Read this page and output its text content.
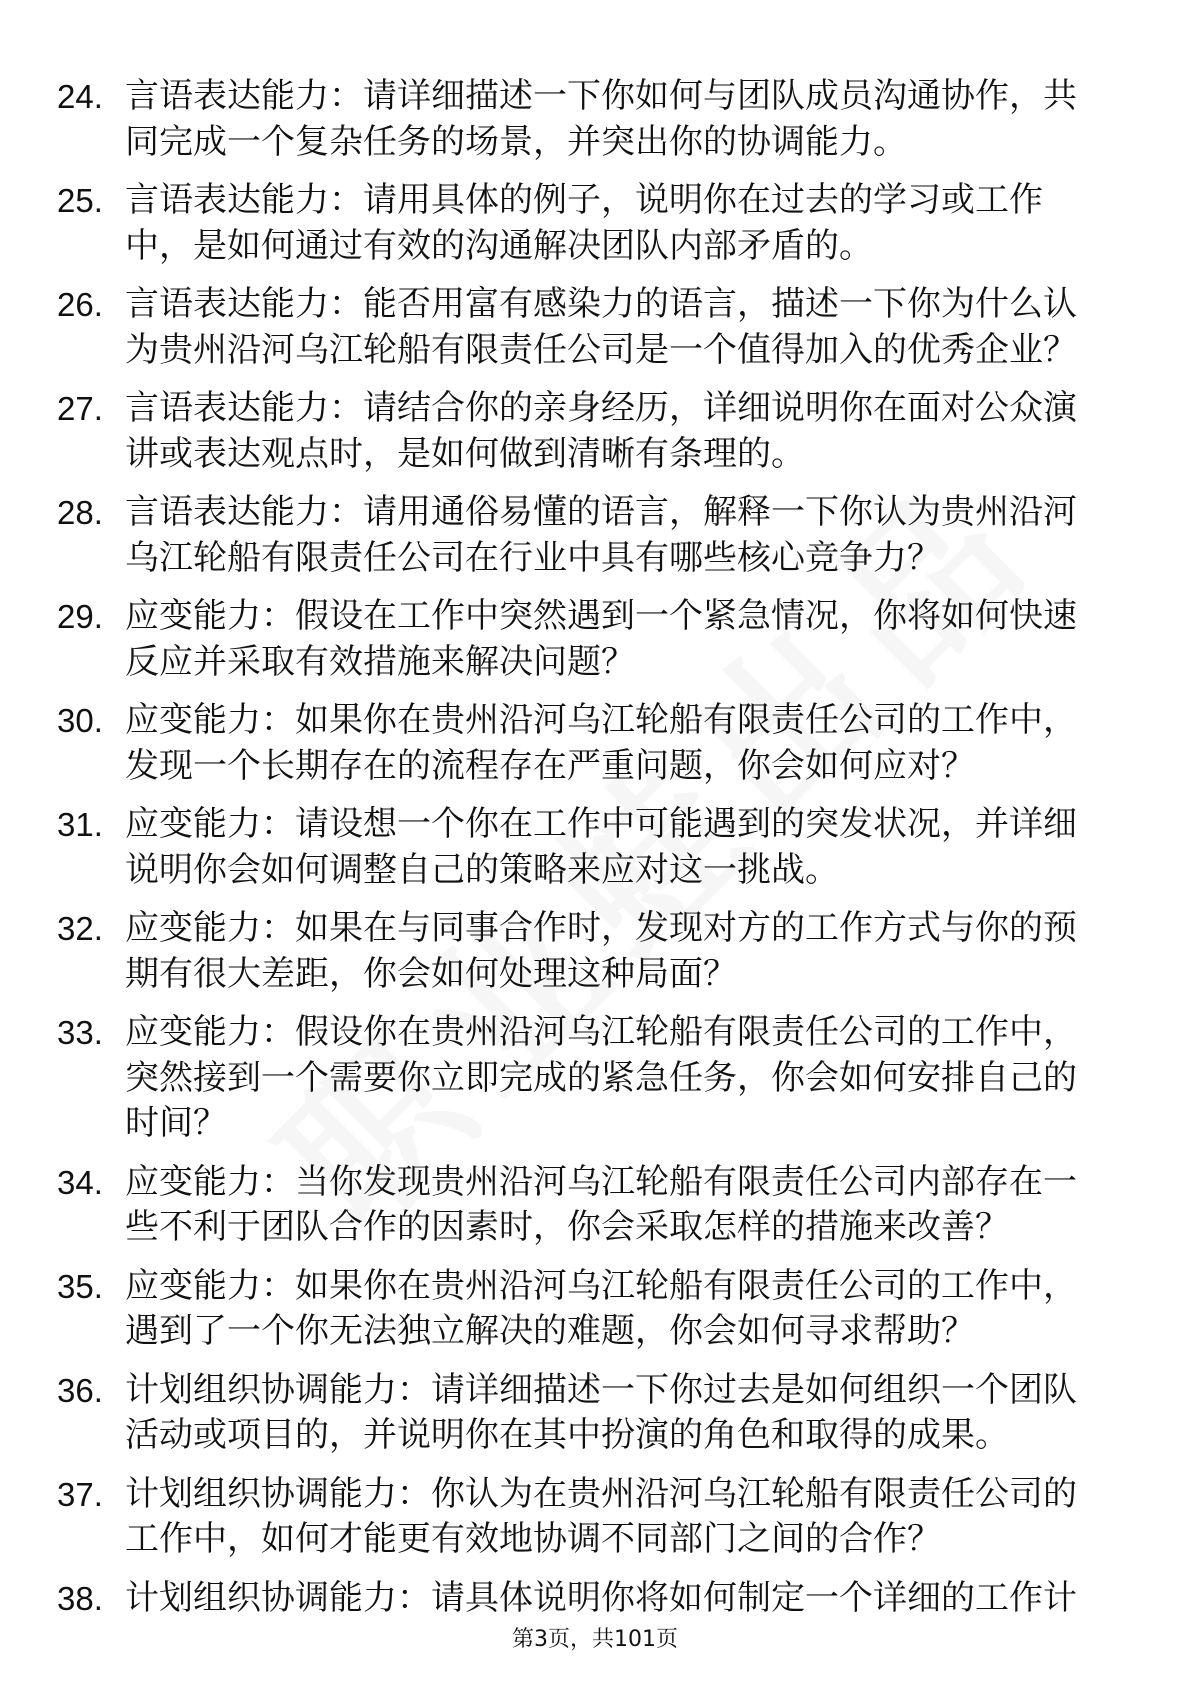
24. 言语表达能力：请详细描述一下你如何与团队成员沟通协作，共同完成一个复杂任务的场景，并突出你的协调能力。
25. 言语表达能力：请用具体的例子，说明你在过去的学习或工作中，是如何通过有效的沟通解决团队内部矛盾的。
26. 言语表达能力：能否用富有感染力的语言，描述一下你为什么认为贵州沿河乌江轮船有限责任公司是一个值得加入的优秀企业？
27. 言语表达能力：请结合你的亲身经历，详细说明你在面对公众演讲或表达观点时，是如何做到清晰有条理的。
28. 言语表达能力：请用通俗易懂的语言，解释一下你认为贵州沿河乌江轮船有限责任公司在行业中具有哪些核心竞争力？
29. 应变能力：假设在工作中突然遇到一个紧急情况，你将如何快速反应并采取有效措施来解决问题？
30. 应变能力：如果你在贵州沿河乌江轮船有限责任公司的工作中，发现一个长期存在的流程存在严重问题，你会如何应对？
31. 应变能力：请设想一个你在工作中可能遇到的突发状况，并详细说明你会如何调整自己的策略来应对这一挑战。
32. 应变能力：如果在与同事合作时，发现对方的工作方式与你的预期有很大差距，你会如何处理这种局面？
33. 应变能力：假设你在贵州沿河乌江轮船有限责任公司的工作中，突然接到一个需要你立即完成的紧急任务，你会如何安排自己的时间？
34. 应变能力：当你发现贵州沿河乌江轮船有限责任公司内部存在一些不利于团队合作的因素时，你会采取怎样的措施来改善？
35. 应变能力：如果你在贵州沿河乌江轮船有限责任公司的工作中，遇到了一个你无法独立解决的难题，你会如何寻求帮助？
36. 计划组织协调能力：请详细描述一下你过去是如何组织一个团队活动或项目的，并说明你在其中扮演的角色和取得的成果。
37. 计划组织协调能力：你认为在贵州沿河乌江轮船有限责任公司的工作中，如何才能更有效地协调不同部门之间的合作？
38. 计划组织协调能力：请具体说明你将如何制定一个详细的工作计
第3页，共101页
